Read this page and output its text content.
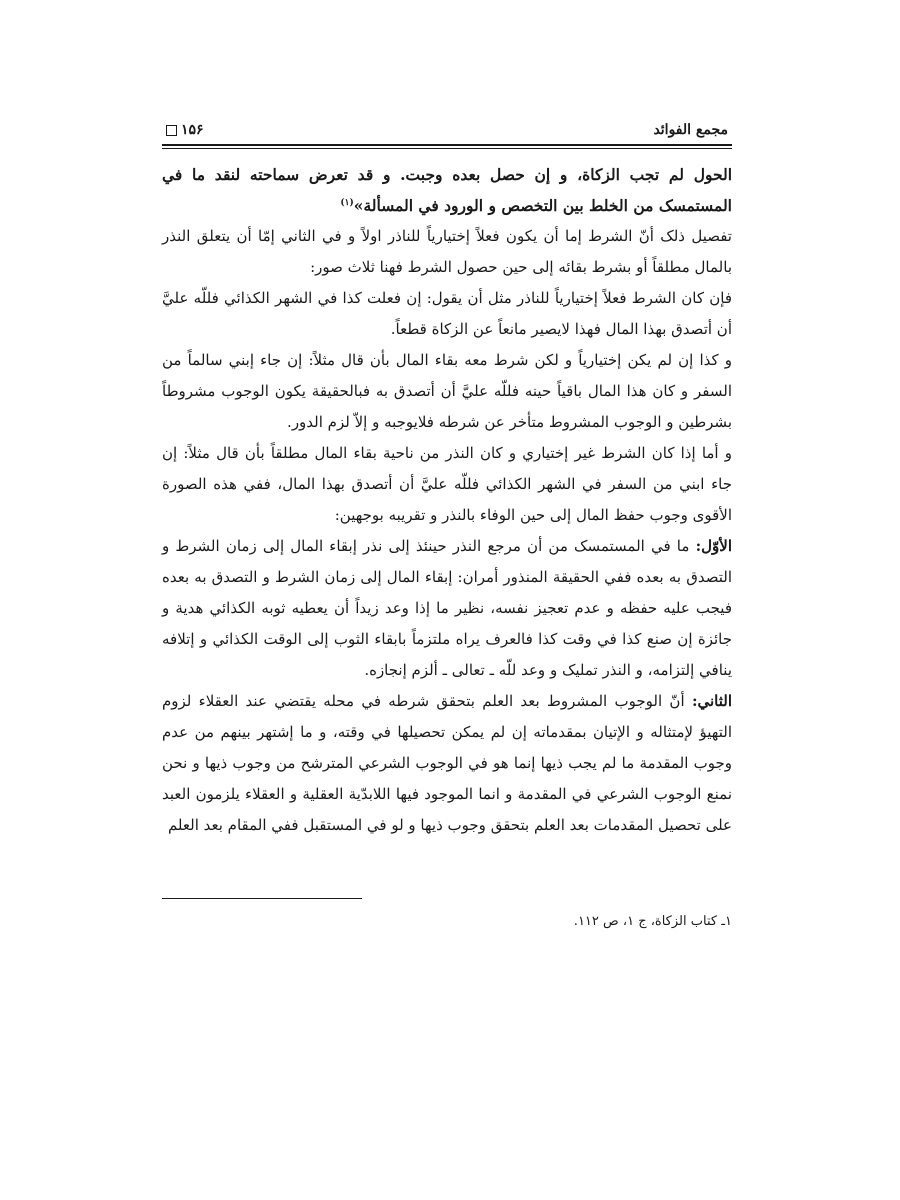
مجمع الفوائد
۱۵۶

الحول لم تجب الزكاة، و إن حصل بعده وجبت. و قد تعرض سماحته لنقد ما في المستمسک من الخلط بين التخصص و الورود في المسألة»$^{(۱)}$

تفصيل ذلک أنّ الشرط إما أن يكون فعلاً إختيارياً للناذر اولاً و في الثاني إمّا أن يتعلق النذر بالمال مطلقاً أو بشرط بقائه إلى حين حصول الشرط فهنا ثلاث صور:

فإن كان الشرط فعلاً إختيارياً للناذر مثل أن يقول: إن فعلت كذا في الشهر الكذائي فللّه عليَّ أن أتصدق بهذا المال فهذا لايصير مانعاً عن الزكاة قطعاً.

و كذا إن لم يكن إختيارياً و لكن شرط معه بقاء المال بأن قال مثلاً: إن جاء إبني سالماً من السفر و كان هذا المال باقياً حينه فللّه عليَّ أن أتصدق به فبالحقيقة يكون الوجوب مشروطاً بشرطين و الوجوب المشروط متأخر عن شرطه فلايوجبه و إلاّ لزم الدور.

و أما إذا كان الشرط غير إختياري و كان النذر من ناحية بقاء المال مطلقاً بأن قال مثلاً: إن جاء ابني من السفر في الشهر الكذائي فللّه عليَّ أن أتصدق بهذا المال، ففي هذه الصورة الأقوى وجوب حفظ المال إلى حين الوفاء بالنذر و تقريبه بوجهين:

الأوّل: ما في المستمسک من أن مرجع النذر حينئذ إلى نذر إبقاء المال إلى زمان الشرط و التصدق به بعده ففي الحقيقة المنذور أمران: إبقاء المال إلى زمان الشرط و التصدق به بعده فيجب عليه حفظه و عدم تعجيز نفسه، نظير ما إذا وعد زيداً أن يعطيه ثوبه الكذائي هدية و جائزة إن صنع كذا في وقت كذا فالعرف يراه ملتزماً بابقاء الثوب إلى الوقت الكذائي و إتلافه ينافي إلتزامه، و النذر تمليک و وعد للّه ـ تعالى ـ ألزم إنجازه.

الثاني: أنّ الوجوب المشروط بعد العلم بتحقق شرطه في محله يقتضي عند العقلاء لزوم التهيؤ لإمتثاله و الإتيان بمقدماته إن لم يمكن تحصيلها في وقته، و ما إشتهر بينهم من عدم وجوب المقدمة ما لم يجب ذيها إنما هو في الوجوب الشرعي المترشح من وجوب ذيها و نحن نمنع الوجوب الشرعي في المقدمة و انما الموجود فيها اللابدّية العقلية و العقلاء يلزمون العبد على تحصيل المقدمات بعد العلم بتحقق وجوب ذيها و لو في المستقبل ففي المقام بعد العلم

۱ـ كتاب الزكاة، ج ۱، ص ۱۱۲.
